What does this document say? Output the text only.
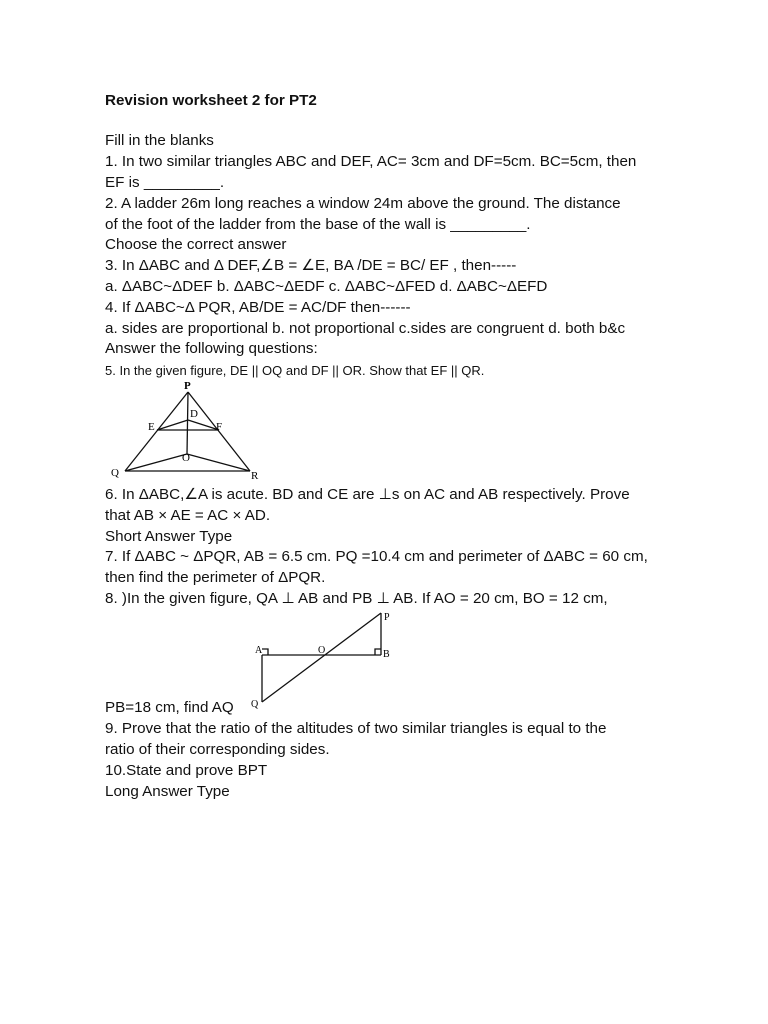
Revision worksheet 2 for PT2
Fill in the blanks
1. In two similar triangles ABC and DEF, AC= 3cm and DF=5cm. BC=5cm, then
EF is _________.
2. A ladder 26m long reaches a window 24m above the ground. The distance
of the foot of the ladder from the base of the wall is _________.
Choose the correct answer
3. In ΔABC and Δ DEF,∠B = ∠E, BA /DE = BC/ EF , then-----
a. ΔABC~ΔDEF b. ΔABC~ΔEDF c. ΔABC~ΔFED d. ΔABC~ΔEFD
4. If ΔABC~Δ PQR, AB/DE = AC/DF then------
a. sides are proportional b. not proportional c.sides are congruent d. both b&c
Answer the following questions:
5. In the given figure, DE || OQ and DF || OR. Show that EF || QR.
P
D
E	F
O
Q	R
6. In ΔABC,∠A is acute. BD and CE are ⊥s on AC and AB respectively. Prove
that AB × AE = AC × AD.
Short Answer Type
7. If ΔABC ~ ΔPQR, AB = 6.5 cm. PQ =10.4 cm and perimeter of ΔABC = 60 cm,
then find the perimeter of ΔPQR.
8. )In the given figure, QA ⊥ AB and PB ⊥ AB. If AO = 20 cm, BO = 12 cm,
P
A	O	B
Q
PB=18 cm, find AQ
9. Prove that the ratio of the altitudes of two similar triangles is equal to the
ratio of their corresponding sides.
10.State and prove BPT
Long Answer Type
